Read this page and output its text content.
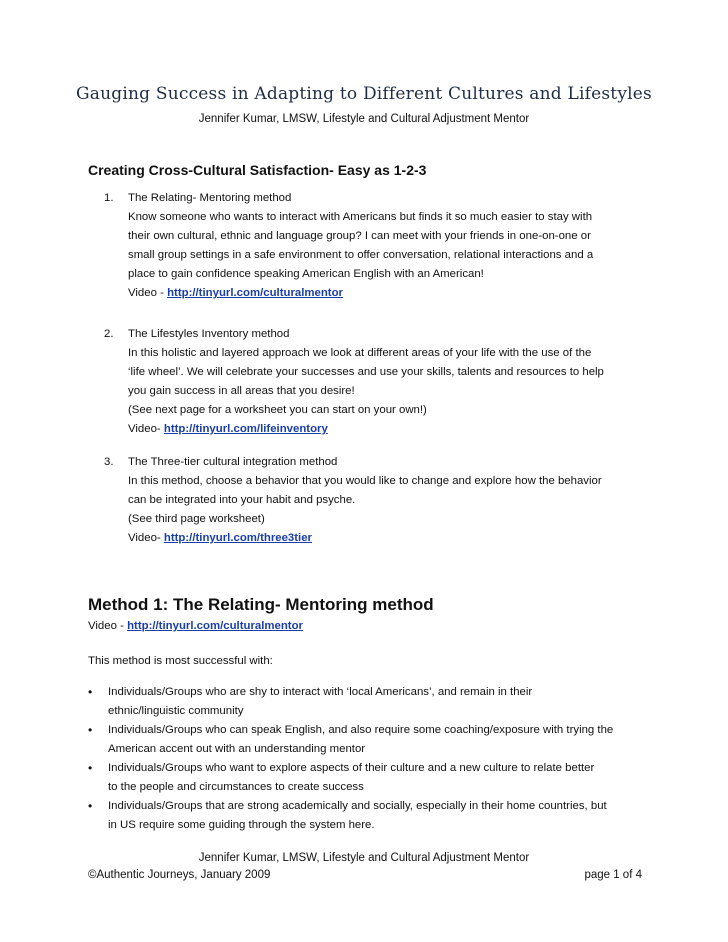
Gauging Success in Adapting to Different Cultures and Lifestyles
Jennifer Kumar, LMSW, Lifestyle and Cultural Adjustment Mentor
Creating Cross-Cultural Satisfaction- Easy as 1-2-3
1. The Relating- Mentoring method
Know someone who wants to interact with Americans but finds it so much easier to stay with
their own cultural, ethnic and language group? I can meet with your friends in one-on-one or
small group settings in a safe environment to offer conversation, relational interactions and a
place to gain confidence speaking American English with an American!
Video - http://tinyurl.com/culturalmentor
2. The Lifestyles Inventory method
In this holistic and layered approach we look at different areas of your life with the use of the
‘life wheel’. We will celebrate your successes and use your skills, talents and resources to help
you gain success in all areas that you desire!
(See next page for a worksheet you can start on your own!)
Video- http://tinyurl.com/lifeinventory
3. The Three-tier cultural integration method
In this method, choose a behavior that you would like to change and explore how the behavior
can be integrated into your habit and psyche.
(See third page worksheet)
Video- http://tinyurl.com/three3tier
Method 1: The Relating- Mentoring method
Video - http://tinyurl.com/culturalmentor
This method is most successful with:
• Individuals/Groups who are shy to interact with ‘local Americans’, and remain in their
ethnic/linguistic community
• Individuals/Groups who can speak English, and also require some coaching/exposure with trying the
American accent out with an understanding mentor
• Individuals/Groups who want to explore aspects of their culture and a new culture to relate better
to the people and circumstances to create success
• Individuals/Groups that are strong academically and socially, especially in their home countries, but
in US require some guiding through the system here.
Jennifer Kumar, LMSW, Lifestyle and Cultural Adjustment Mentor
©Authentic Journeys, January 2009	page 1 of 4
